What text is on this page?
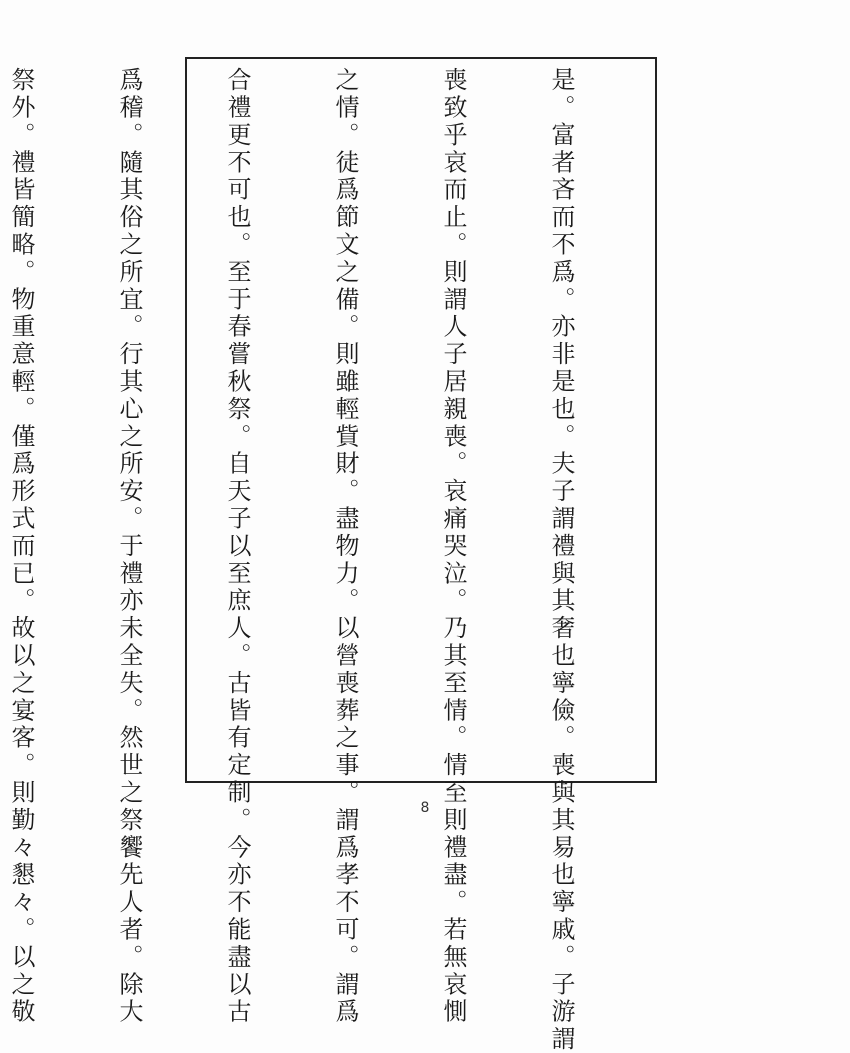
是。富者吝而不爲。亦非是也。夫子謂禮與其奢也寧儉。喪與其易也寧戚。子游謂

喪致乎哀而止。則謂人子居親喪。哀痛哭泣。乃其至情。情至則禮盡。若無哀惻

之情。徒爲節文之備。則雖輕貲財。盡物力。以營喪葬之事。謂爲孝不可。謂爲

合禮更不可也。至于春嘗秋祭。自天子以至庶人。古皆有定制。今亦不能盡以古

爲稽。隨其俗之所宜。行其心之所安。于禮亦未全失。然世之祭饗先人者。除大

祭外。禮皆簡略。物重意輕。僅爲形式而已。故以之宴客。則勤々懇々。以之敬

	8
